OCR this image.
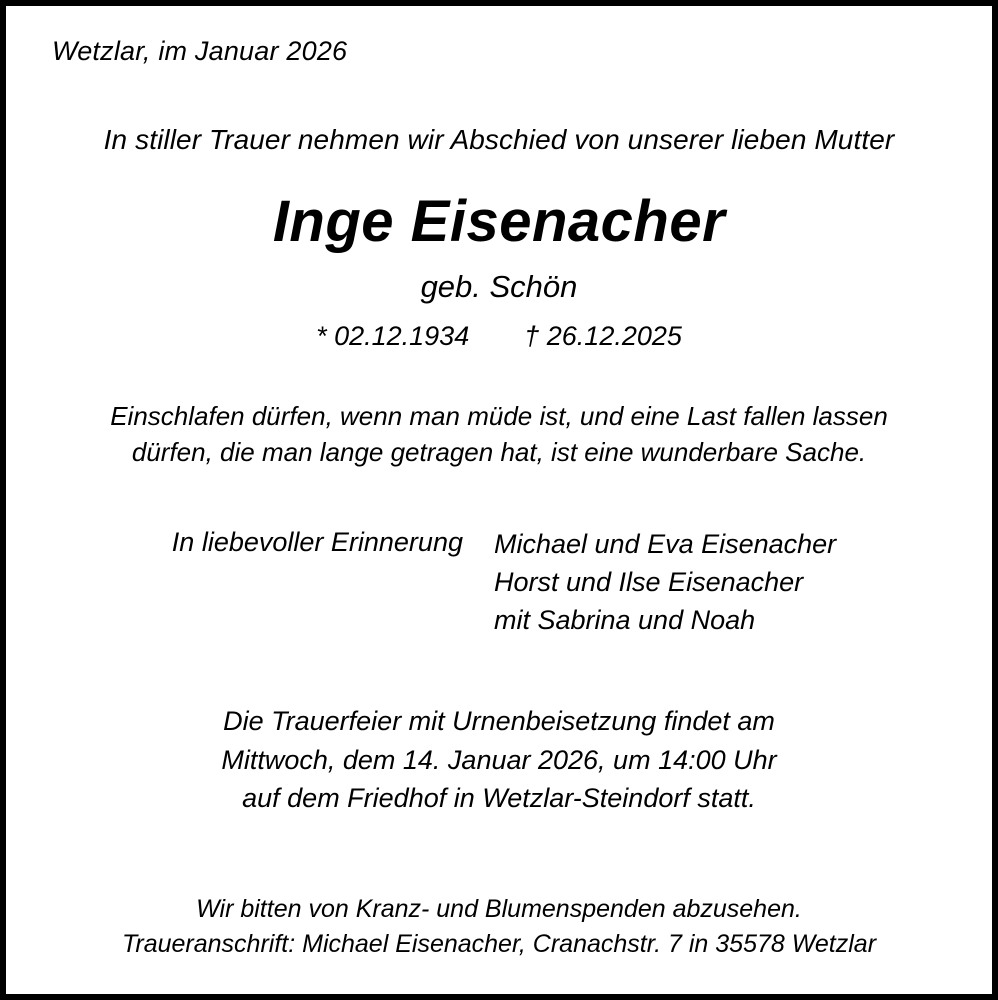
Wetzlar, im Januar 2026
In stiller Trauer nehmen wir Abschied von unserer lieben Mutter
Inge Eisenacher
geb. Schön
* 02.12.1934 † 26.12.2025
Einschlafen dürfen, wenn man müde ist, und eine Last fallen lassen
dürfen, die man lange getragen hat, ist eine wunderbare Sache.
In liebevoller Erinnerung Michael und Eva Eisenacher
Horst und Ilse Eisenacher
mit Sabrina und Noah
Die Trauerfeier mit Urnenbeisetzung findet am
Mittwoch, dem 14. Januar 2026, um 14:00 Uhr
auf dem Friedhof in Wetzlar-Steindorf statt.
Wir bitten von Kranz- und Blumenspenden abzusehen.
Traueranschrift: Michael Eisenacher, Cranachstr. 7 in 35578 Wetzlar
